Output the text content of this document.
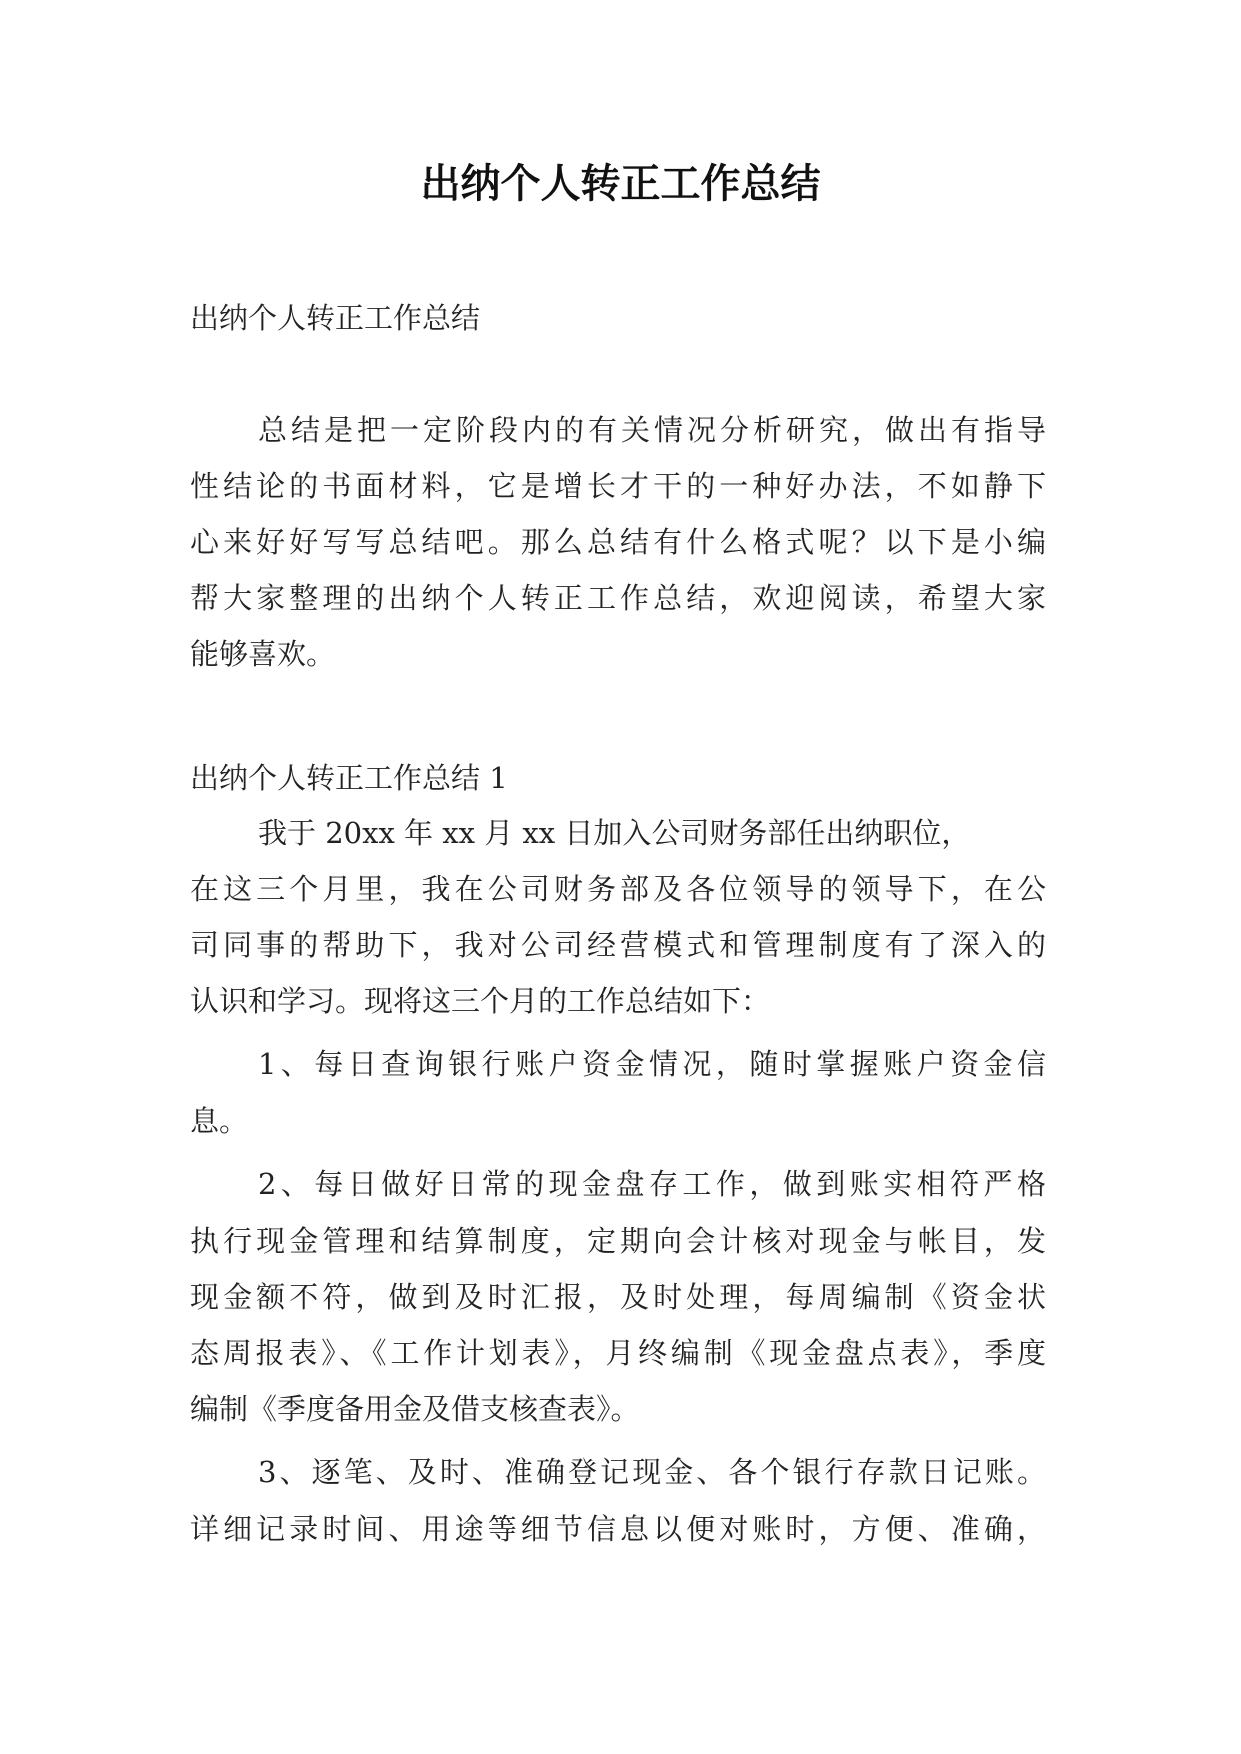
出纳个人转正工作总结
出纳个人转正工作总结
总结是把一定阶段内的有关情况分析研究，做出有指导
性结论的书面材料，它是增长才干的一种好办法，不如静下
心来好好写写总结吧。那么总结有什么格式呢？以下是小编
帮大家整理的出纳个人转正工作总结，欢迎阅读，希望大家
能够喜欢。
出纳个人转正工作总结 1
我于 20xx 年 xx 月 xx 日加入公司财务部任出纳职位，
在这三个月里，我在公司财务部及各位领导的领导下，在公
司同事的帮助下，我对公司经营模式和管理制度有了深入的
认识和学习。现将这三个月的工作总结如下：
1、每日查询银行账户资金情况，随时掌握账户资金信
息。
2、每日做好日常的现金盘存工作，做到账实相符严格
执行现金管理和结算制度，定期向会计核对现金与帐目，发
现金额不符，做到及时汇报，及时处理，每周编制《资金状
态周报表》、《工作计划表》，月终编制《现金盘点表》，季度
编制《季度备用金及借支核查表》。
3、逐笔、及时、准确登记现金、各个银行存款日记账。
详细记录时间、用途等细节信息以便对账时，方便、准确，
